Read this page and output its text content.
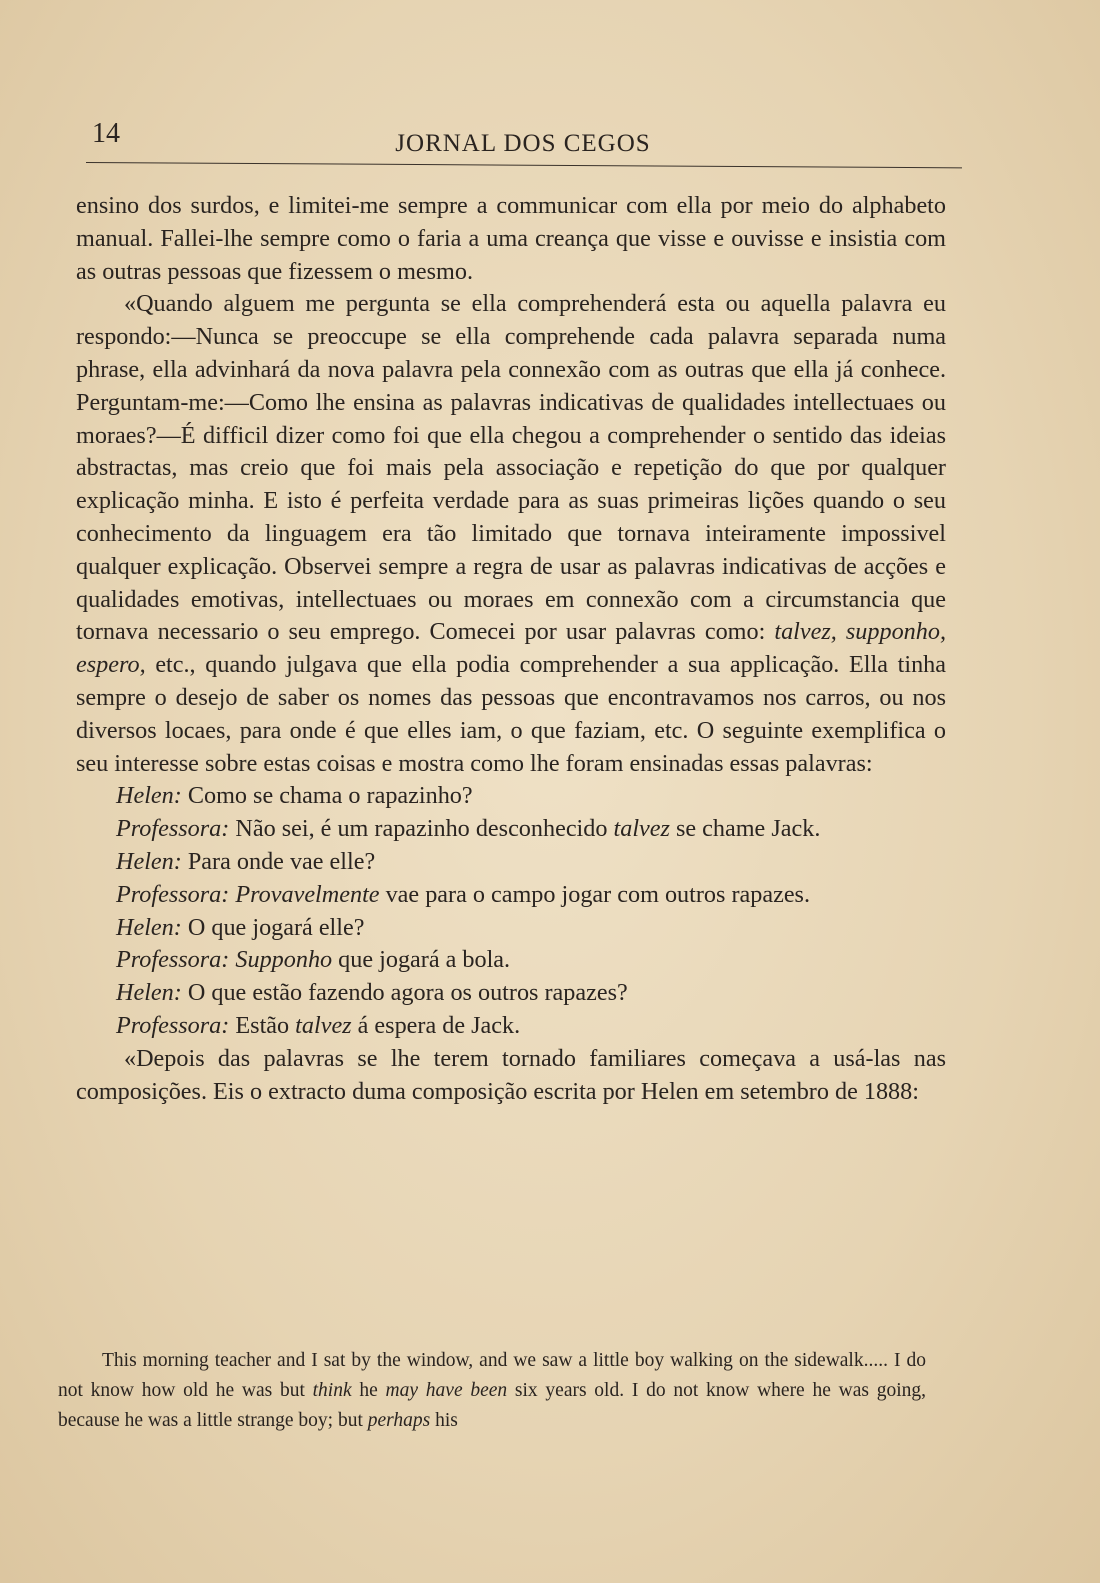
14	JORNAL DOS CEGOS

ensino dos surdos, e limitei-me sempre a communicar com ella por meio do alphabeto manual. Fallei-lhe sempre como o faria a uma creança que visse e ouvisse e insistia com as outras pessoas que fizessem o mesmo.

«Quando alguem me pergunta se ella comprehenderá esta ou aquella palavra eu respondo:—Nunca se preoccupe se ella comprehende cada palavra separada numa phrase, ella advinhará da nova palavra pela connexão com as outras que ella já conhece. Perguntam-me:—Como lhe ensina as palavras indicativas de qualidades intellectuaes ou moraes?—É difficil dizer como foi que ella chegou a comprehender o sentido das ideias abstractas, mas creio que foi mais pela associação e repetição do que por qualquer explicação minha. E isto é perfeita verdade para as suas primeiras lições quando o seu conhecimento da linguagem era tão limitado que tornava inteiramente impossivel qualquer explicação. Observei sempre a regra de usar as palavras indicativas de acções e qualidades emotivas, intellectuaes ou moraes em connexão com a circumstancia que tornava necessario o seu emprego. Comecei por usar palavras como: talvez, supponho, espero, etc., quando julgava que ella podia comprehender a sua applicação. Ella tinha sempre o desejo de saber os nomes das pessoas que encontravamos nos carros, ou nos diversos locaes, para onde é que elles iam, o que faziam, etc. O seguinte exemplifica o seu interesse sobre estas coisas e mostra como lhe foram ensinadas essas palavras:

Helen: Como se chama o rapazinho?

Professora: Não sei, é um rapazinho desconhecido talvez se chame Jack.

Helen: Para onde vae elle?

Professora: Provavelmente vae para o campo jogar com outros rapazes.

Helen: O que jogará elle?

Professora: Supponho que jogará a bola.

Helen: O que estão fazendo agora os outros rapazes?

Professora: Estão talvez á espera de Jack.

«Depois das palavras se lhe terem tornado familiares começava a usá-las nas composições. Eis o extracto duma composição escrita por Helen em setembro de 1888:

This morning teacher and I sat by the window, and we saw a little boy walking on the sidewalk..... I do not know how old he was but think he may have been six years old. I do not know where he was going, because he was a little strange boy; but perhaps his
